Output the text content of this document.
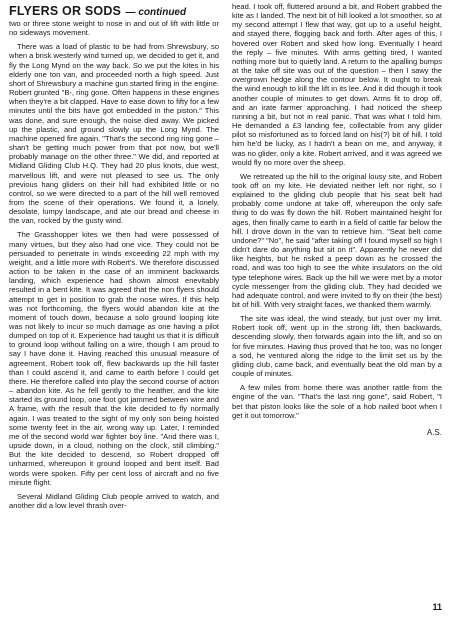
FLYERS OR SODS — continued

two or three stone weight to nose in and out of lift with little or no sideways movement.

There was a load of plastic to be had from Shrewsbury, so when a brisk westerly wind turned up, we decided to get it, and fly the Long Mynd on the way back. So we put the kites in his elderly one ton van, and proceeded north a high speed. Just short of Shrewsbury a machine gun started firing in the engine. Robert grunted "B-, ring gone. Often happens in these engines when they're a bit clapped. Have to ease down to fifty for a few minutes until the bits have got embedded in the piston." This was done, and sure enough, the noise died away. We picked up the plastic, and ground slowly up the Long Mynd. The machine opened fire again. "That's the second ring ring gone – shan't be getting much power from that pot now, but we'll probably manage on the other three." We did, and reported at Midland Gliding Club H.Q. They had 20 plus knots, due west, marvellous lift, and were not pleased to see us. The only previous hang gliders on their hill had exhibited little or no control, so we were directed to a part of the hill well removed from the scene of their operations. We found it, a lonely, desolate, lumpy landscape, and ate our bread and cheese in the van, rocked by the gusty wind.

The Grasshopper kites we then had were possessed of many virtues, but they also had one vice. They could not be persuaded to penetrate in winds exceeding 22 mph with my weight, and a little more with Robert's. We therefore discussed action to be taken in the case of an imminent backwards landing, which experience had shown almost enevitably resulted in a bent kite. It was agreed that the non flyers should attempt to get in position to grab the nose wires. If this help was not forthcoming, the flyers would abandon kite at the moment of touch down, because a solo ground looping kite was not likely to incur so much damage as one having a pilot dumped on top of it. Experience had taught us that it is difficult to ground loop without falling on a wire, though I am proud to say I have done it. Having reached this unusual measure of agreement, Robert took off, flew backwards up the hill faster than I could ascend it, and came to earth before I could get there. He therefore called into play the second course of action – abandon kite. As he fell gently to the heather, and the kite started its ground loop, one foot got jammed between wire and A frame, with the result that the kite decided to fly normally again. I was treated to the sight of my only son being hoisted some twenty feet in the air, wrong way up. Later, I reminded me of the second world war fighter boy line. "And there was I, upside down, in a cloud, nothing on the clock, still climbing." But the kite decided to descend, so Robert dropped off unharmed, whereupon it ground looped and bent itself. Bad words were spoken. Fifty per cent loss of aircraft and no five minute flight.

Several Midland Gliding Club people arrived to watch, and another did a low level thrash over-

head. I took off, fluttered around a bit, and Robert grabbed the kite as I landed. The next bit of hill looked a lot smoother, so at my second attempt I flew that way, got up to a useful height, and stayed there, flogging back and forth. After ages of this, I hovered over Robert and sked how long. Eventually I heard the reply – five minutes. With arms getting tired, I wanted nothing more but to quietly land. A return to the apalling bumps at the take off site was out of the question – then I sawy the overgrown hedge along the contour below. It ought to break the wind enough to kill the lift in its lee. And it did though it took another couple of minutes to get down. Arms fit to drop off, and an irate farmer approaching. I had noticed the sheep running a bit, but not in real panic. That was what I told him. He demanded a £3 landing fee, collectable from any glider pilot so misfortuned as to forced land on his(?) bit of hill. I told him he'd be lucky, as I hadn't a bean on me, and anyway, it was no glider, only a kite. Robert arrived, and it was agreed we would fly no more over the sheep.

We retreated up the hill to the original lousy site, and Robert took off on my kite. He deviated neither left nor right, so I explained to the gliding club people that his seat belt had probably come undone at take off, whereupon the only safe thing to do was fly down the hill. Robert maintained height for ages, then finally came to earth in a field of cattle far below the hill. I drove down in the van to retrieve him. "Seat belt come undone?" "No", he said "after taking off I found myself so high I didn't dare do anything but sit on it". Apparently he never did like heights, but he risked a peep down as he crossed the road, and was too high to see the white insulators on the old type telephone wires. Back up the hill we were met by a motor cycle messenger from the gliding club. They had decided we had adequate control, and were invited to fly on their (the best) bit of hill. With very straight faces, we thanked them warmly.

The site was ideal, the wind steady, but just over my limit. Robert took off, went up in the strong lift, then backwards, descending slowly, then forwards again into the lift, and so on for five minutes. Having thus proved that he too, was no longer a sod, he ventured along the ridge to the limit set us by the gliding club, came back, and eventually beat the old man by a couple of minutes.

A few miles from home there was another rattle from the engine of the van. "That's the last ring gone", said Robert, "I bet that piston looks like the sole of a hob nailed boot when I get it out tomorrow."

A.S.
11
